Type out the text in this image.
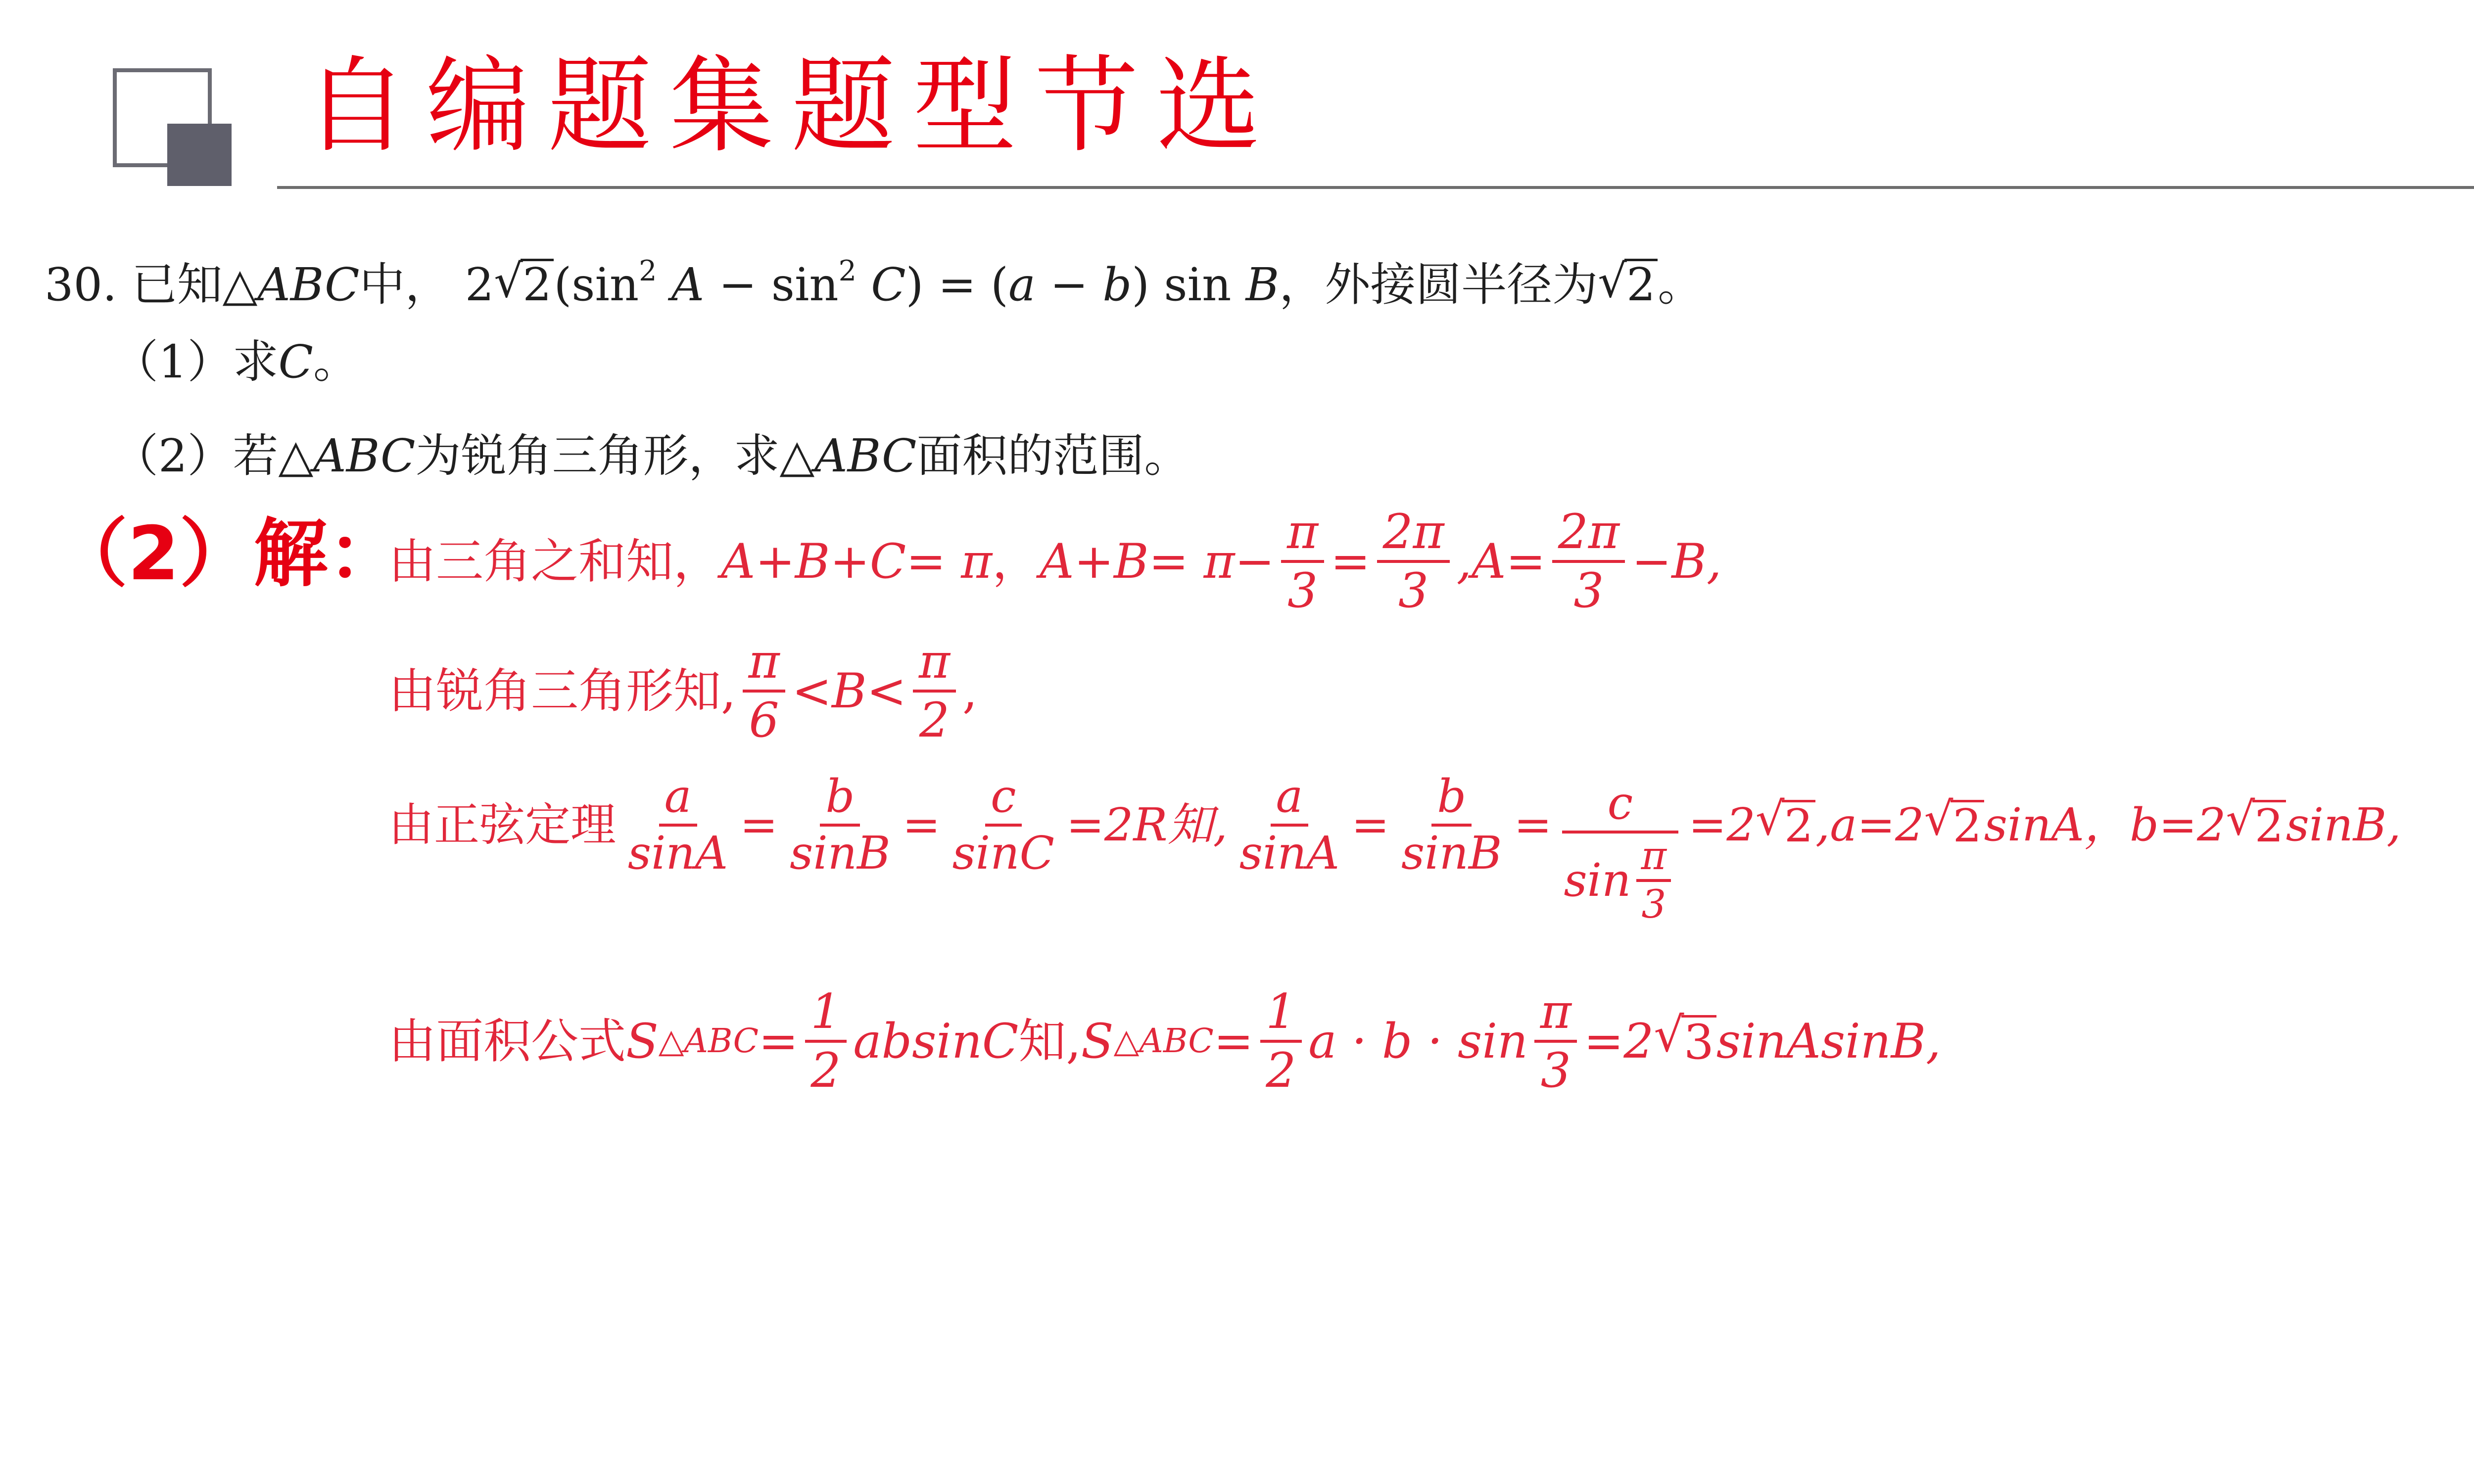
自编题集题型节选
30. 已知△ABC中， 2 √ $2(\sin^2$ $A - \sin^2 C) = (a - b)$ sin B，外接圆半径为 √ 2。
（1）求C。
（2）若△ABC为锐角三角形，求△ABC面积的范围。
（2）解：
由三角之和知， A+B+C= π ， $A+B= \pi- \frac{\pi}{3} = \frac{2\pi}{3} ,A= \frac{2\pi}{3} -B$,
由锐角三角形知, $\frac{\pi}{6} <B< \frac{\pi}{2}$ ,
由正弦定理 $\frac{a}{\sin A} = \frac{b}{\sin B} = \frac{c}{\sin C} =2R$知, $\frac{a}{\sin A} = \frac{b}{\sin B} = \frac{c}{\sin \frac{\pi}{3}} =2$ √ 2 ,a=2 √ 2 sinA，b=2 √ 2 sinB,
由面积公式 S △ABC = $\frac{1}{2}$ absinC 知, S △ABC = $\frac{1}{2}$ $a \cdot b \cdot \sin \frac{\pi}{3} =2$ √ 3 sinAsinB,
